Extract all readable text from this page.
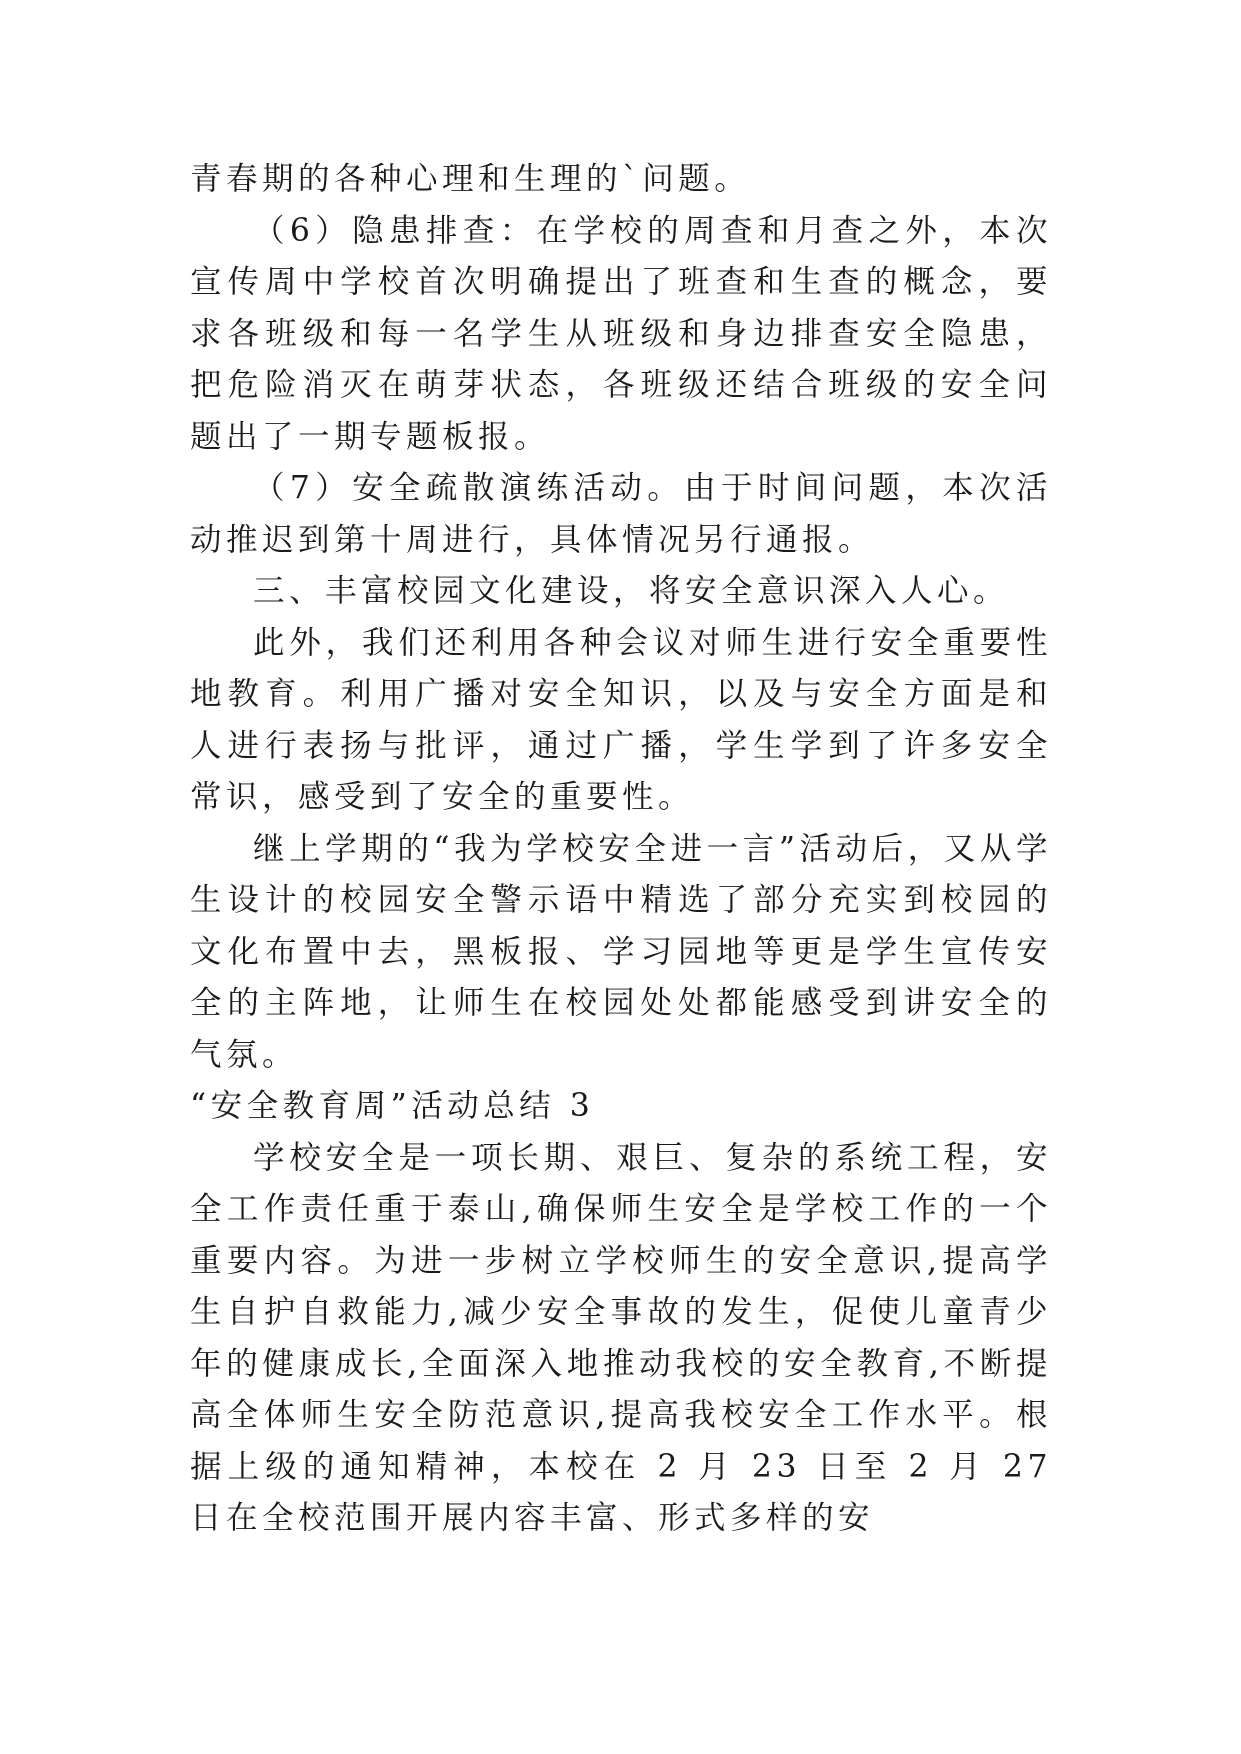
青春期的各种心理和生理的`问题。

（6）隐患排查：在学校的周查和月查之外，本次宣传周中学校首次明确提出了班查和生查的概念，要求各班级和每一名学生从班级和身边排查安全隐患，把危险消灭在萌芽状态，各班级还结合班级的安全问题出了一期专题板报。

（7）安全疏散演练活动。由于时间问题，本次活动推迟到第十周进行，具体情况另行通报。

三、丰富校园文化建设，将安全意识深入人心。

此外，我们还利用各种会议对师生进行安全重要性地教育。利用广播对安全知识，以及与安全方面是和人进行表扬与批评，通过广播，学生学到了许多安全常识，感受到了安全的重要性。

继上学期的“我为学校安全进一言”活动后，又从学生设计的校园安全警示语中精选了部分充实到校园的文化布置中去，黑板报、学习园地等更是学生宣传安全的主阵地，让师生在校园处处都能感受到讲安全的气氛。

“安全教育周”活动总结 3

学校安全是一项长期、艰巨、复杂的系统工程，安全工作责任重于泰山,确保师生安全是学校工作的一个重要内容。为进一步树立学校师生的安全意识,提高学生自护自救能力,减少安全事故的发生，促使儿童青少年的健康成长,全面深入地推动我校的安全教育,不断提高全体师生安全防范意识,提高我校安全工作水平。根据上级的通知精神，本校在 2 月 23 日至 2 月 27 日在全校范围开展内容丰富、形式多样的安
